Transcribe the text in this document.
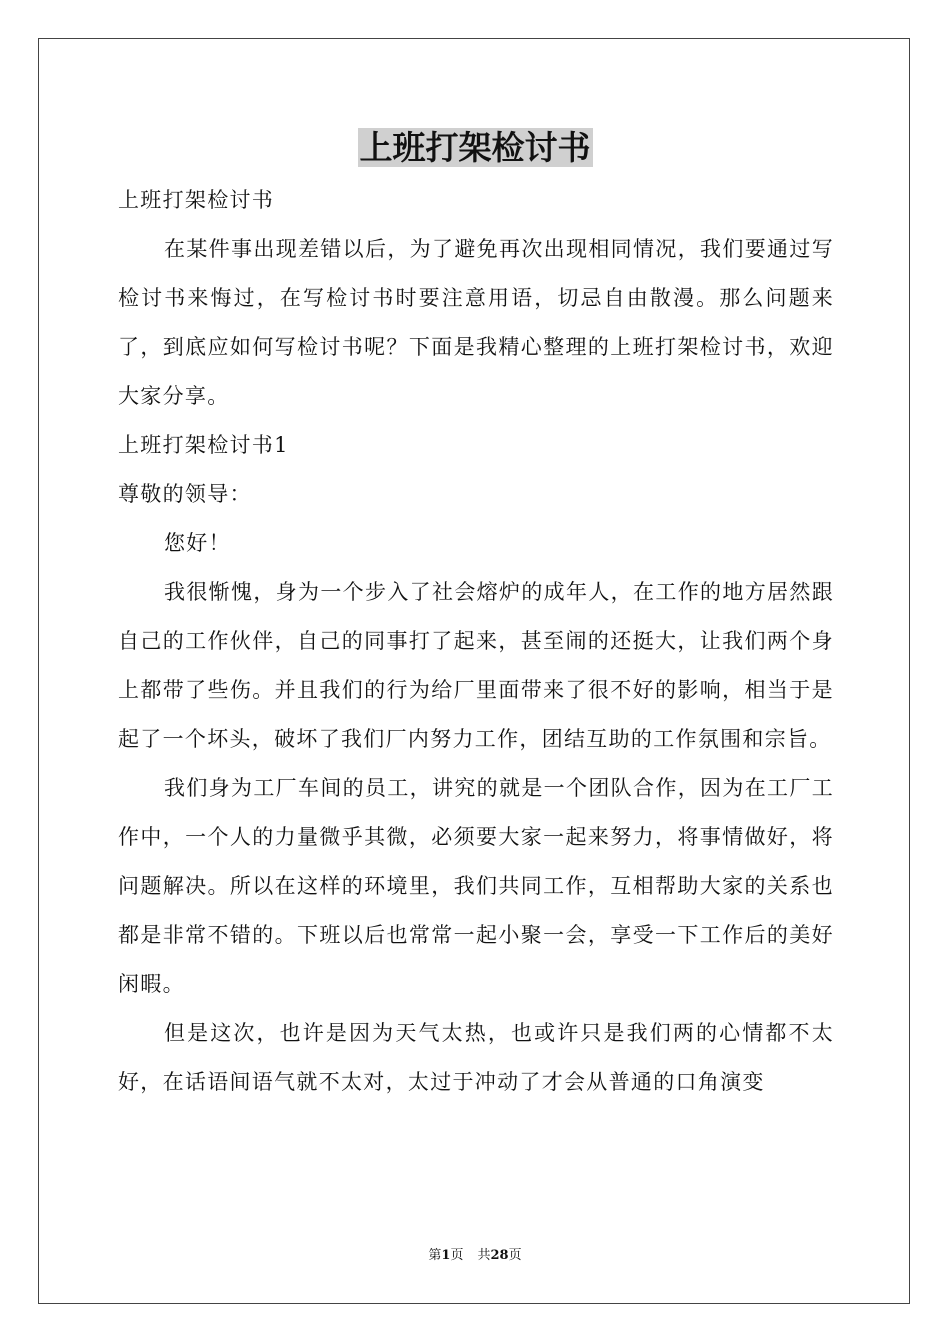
上班打架检讨书

上班打架检讨书

在某件事出现差错以后，为了避免再次出现相同情况，我们要通过写检讨书来悔过，在写检讨书时要注意用语，切忌自由散漫。那么问题来了，到底应如何写检讨书呢？下面是我精心整理的上班打架检讨书，欢迎大家分享。

上班打架检讨书1

尊敬的领导：

您好！

我很惭愧，身为一个步入了社会熔炉的成年人，在工作的地方居然跟自己的工作伙伴，自己的同事打了起来，甚至闹的还挺大，让我们两个身上都带了些伤。并且我们的行为给厂里面带来了很不好的影响，相当于是起了一个坏头，破坏了我们厂内努力工作，团结互助的工作氛围和宗旨。

我们身为工厂车间的员工，讲究的就是一个团队合作，因为在工厂工作中，一个人的力量微乎其微，必须要大家一起来努力，将事情做好，将问题解决。所以在这样的环境里，我们共同工作，互相帮助大家的关系也都是非常不错的。下班以后也常常一起小聚一会，享受一下工作后的美好闲暇。

但是这次，也许是因为天气太热，也或许只是我们两的心情都不太好，在话语间语气就不太对，太过于冲动了才会从普通的口角演变

第1页 共28页
